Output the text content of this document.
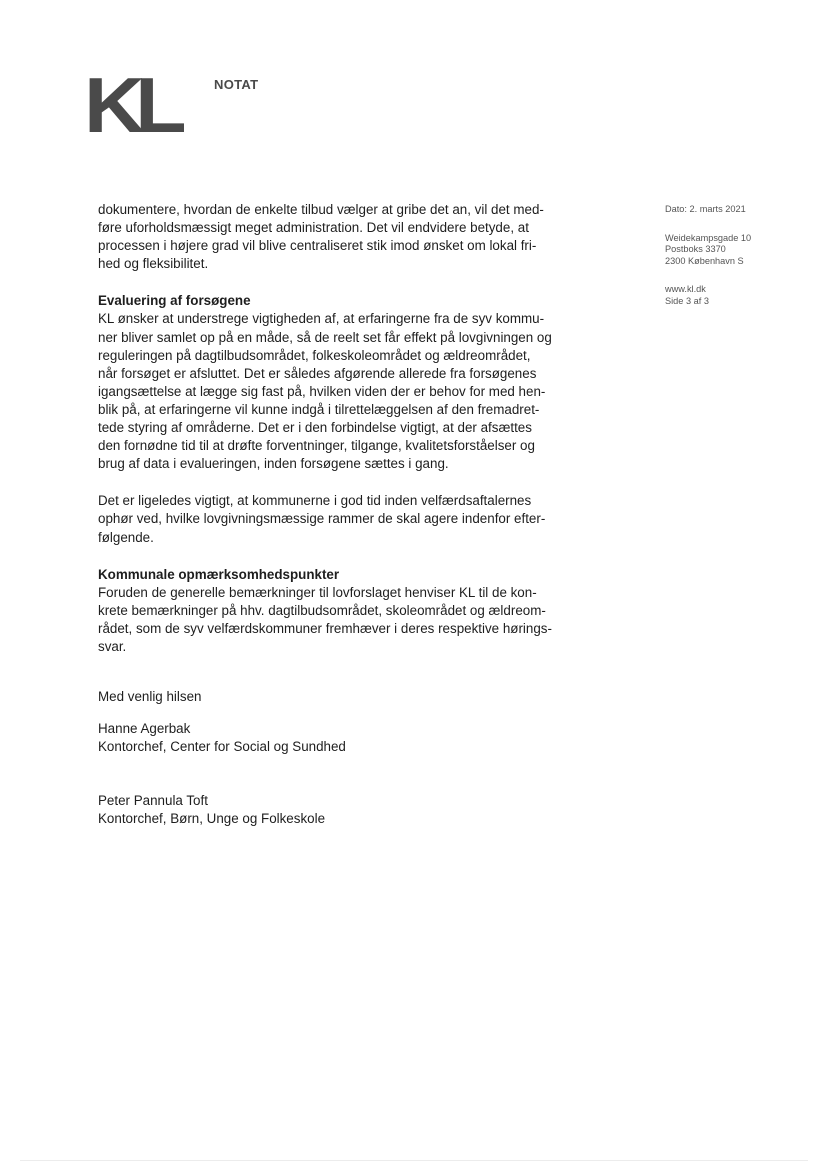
KL	NOTAT

dokumentere, hvordan de enkelte tilbud vælger at gribe det an, vil det med-
føre uforholdsmæssigt meget administration. Det vil endvidere betyde, at
processen i højere grad vil blive centraliseret stik imod ønsket om lokal fri-
hed og fleksibilitet.

Evaluering af forsøgene

KL ønsker at understrege vigtigheden af, at erfaringerne fra de syv kommu-
ner bliver samlet op på en måde, så de reelt set får effekt på lovgivningen og
reguleringen på dagtilbudsområdet, folkeskoleområdet og ældreområdet,
når forsøget er afsluttet. Det er således afgørende allerede fra forsøgenes
igangsættelse at lægge sig fast på, hvilken viden der er behov for med hen-
blik på, at erfaringerne vil kunne indgå i tilrettelæggelsen af den fremadret-
tede styring af områderne. Det er i den forbindelse vigtigt, at der afsættes
den fornødne tid til at drøfte forventninger, tilgange, kvalitetsforståelser og
brug af data i evalueringen, inden forsøgene sættes i gang.

Det er ligeledes vigtigt, at kommunerne i god tid inden velfærdsaftalernes
ophør ved, hvilke lovgivningsmæssige rammer de skal agere indenfor efter-
følgende.

Kommunale opmærksomhedspunkter

Foruden de generelle bemærkninger til lovforslaget henviser KL til de kon-
krete bemærkninger på hhv. dagtilbudsområdet, skoleområdet og ældreom-
rådet, som de syv velfærdskommuner fremhæver i deres respektive hørings-
svar.

Med venlig hilsen

Hanne Agerbak
Kontorchef, Center for Social og Sundhed
Peter Pannula Toft
Kontorchef, Børn, Unge og Folkeskole
Dato: 2. marts 2021
Weidekampsgade 10
Postboks 3370
2300 København S
www.kl.dk
Side 3 af 3
